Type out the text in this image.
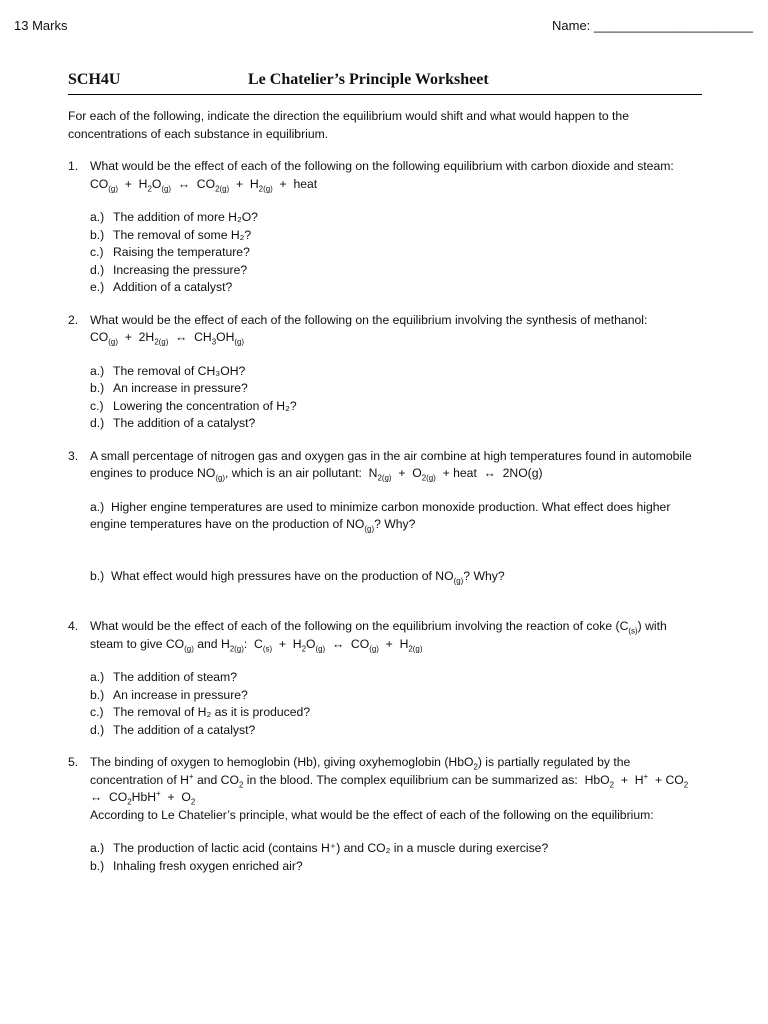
13 Marks	Name: ______________________
SCH4U	Le Chatelier’s Principle Worksheet

For each of the following, indicate the direction the equilibrium would shift and what would happen to the concentrations of each substance in equilibrium.

1. What would be the effect of each of the following on the following equilibrium with carbon dioxide and steam:
$CO_{(g)} + H_2O_{(g)}$ ↔ $CO_{2(g)} + H_{2(g)}$ + heat
a.) The addition of more H₂O?
b.) The removal of some H₂?
c.) Raising the temperature?
d.) Increasing the pressure?
e.) Addition of a catalyst?
2. What would be the effect of each of the following on the equilibrium involving the synthesis of methanol:
$CO_{(g)} + 2H_{2(g)}$ ↔ $CH_3OH_{(g)}$
a.) The removal of CH₃OH?
b.) An increase in pressure?
c.) Lowering the concentration of H₂?
d.) The addition of a catalyst?
3. A small percentage of nitrogen gas and oxygen gas in the air combine at high temperatures found in automobile engines to produce $NO_{(g)}$, which is an air pollutant: $N_{2(g)} + O_{2(g)}$ + heat ↔ 2NO(g)
a.) Higher engine temperatures are used to minimize carbon monoxide production. What effect does higher engine temperatures have on the production of $NO_{(g)}$? Why?
b.) What effect would high pressures have on the production of $NO_{(g)}$? Why?
4. What would be the effect of each of the following on the equilibrium involving the reaction of coke $(C_{(s)})$ with steam to give $CO_{(g)}$ and $H_{2(g)}$: $C_{(s)} + H_2O_{(g)}$ ↔ $CO_{(g)} + H_{2(g)}$
a.) The addition of steam?
b.) An increase in pressure?
c.) The removal of H₂ as it is produced?
d.) The addition of a catalyst?
5. The binding of oxygen to hemoglobin (Hb), giving oxyhemoglobin (HbO$_2$) is partially regulated by the concentration of H+ and $CO_2$ in the blood. The complex equilibrium can be summarized as: $HbO_2 + H^+ + CO_2$  ↔ $CO_2HbH^+ + O_2$
According to Le Chatelier’s principle, what would be the effect of each of the following on the equilibrium:
a.) The production of lactic acid (contains H⁺) and CO₂ in a muscle during exercise?
b.) Inhaling fresh oxygen enriched air?
